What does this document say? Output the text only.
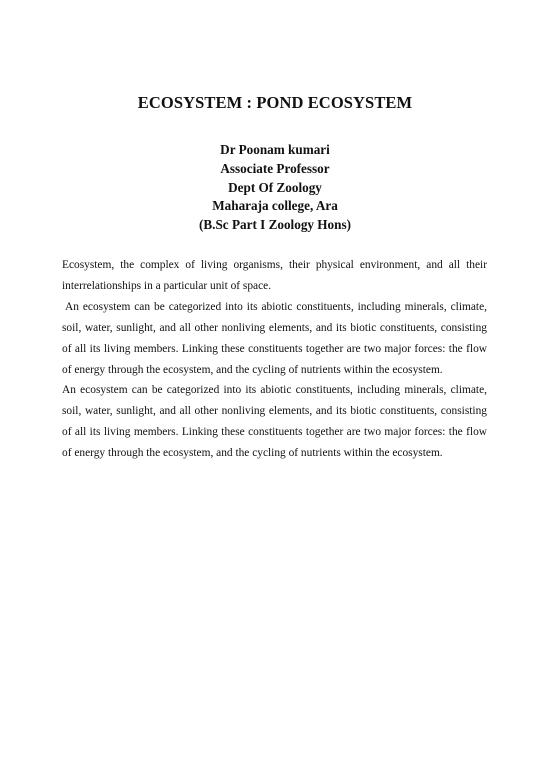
ECOSYSTEM : POND ECOSYSTEM
Dr Poonam kumari
Associate Professor
Dept Of Zoology
Maharaja college, Ara
(B.Sc Part I Zoology Hons)

Ecosystem, the complex of living organisms, their physical environment, and all their interrelationships in a particular unit of space.

An ecosystem can be categorized into its abiotic constituents, including minerals, climate, soil, water, sunlight, and all other nonliving elements, and its biotic constituents, consisting of all its living members. Linking these constituents together are two major forces: the flow of energy through the ecosystem, and the cycling of nutrients within the ecosystem.

An ecosystem can be categorized into its abiotic constituents, including minerals, climate, soil, water, sunlight, and all other nonliving elements, and its biotic constituents, consisting of all its living members. Linking these constituents together are two major forces: the flow of energy through the ecosystem, and the cycling of nutrients within the ecosystem.
